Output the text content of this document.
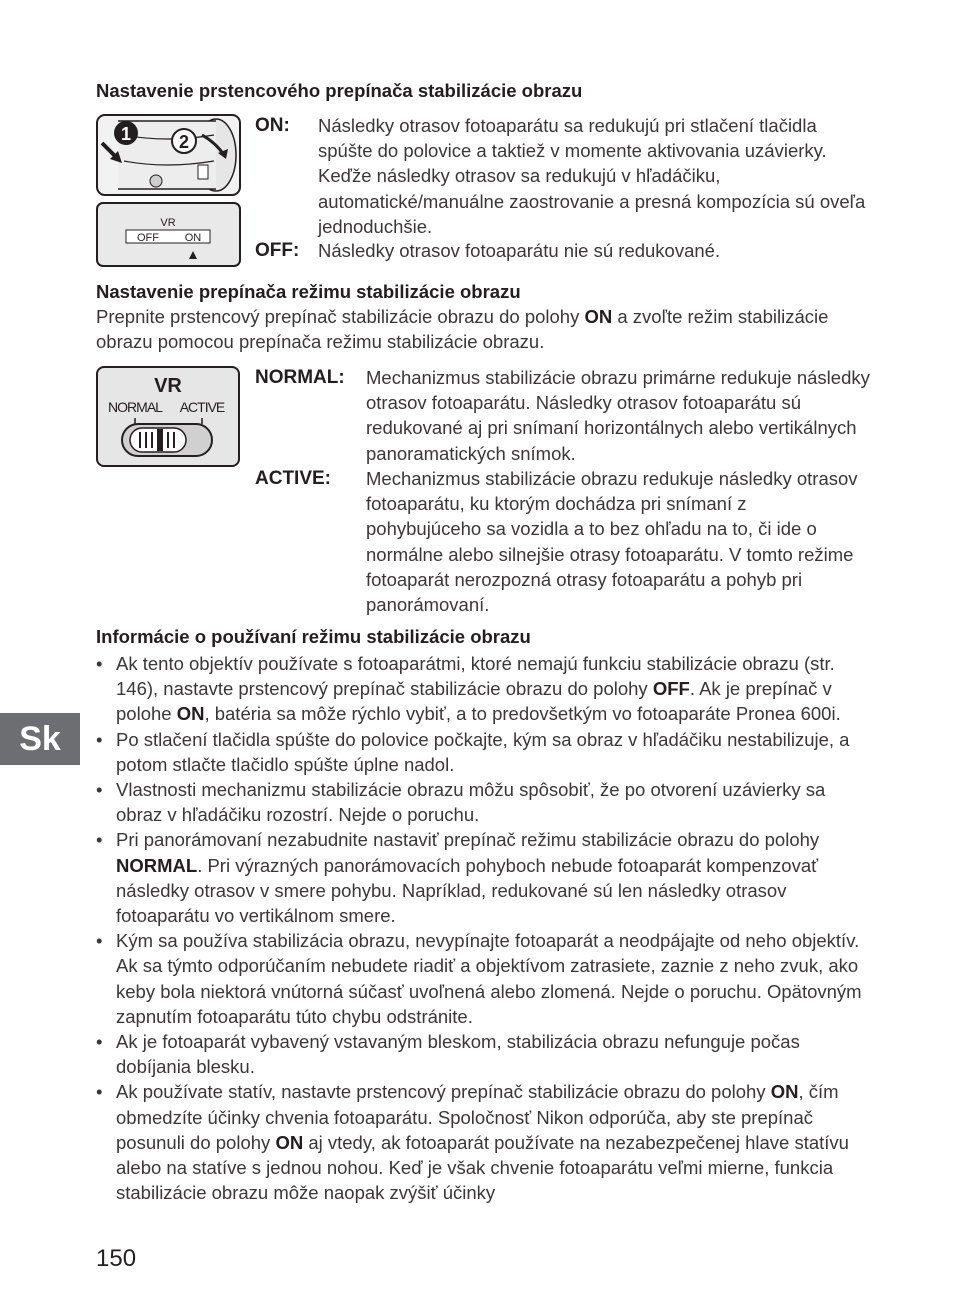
Nastavenie prstencového prepínača stabilizácie obrazu
1	2
VR
OFF ON
ON: Následky otrasov fotoaparátu sa redukujú pri stlačení tlačidla spúšte do polovice a taktiež v momente aktivovania uzávierky. Keďže následky otrasov sa redukujú v hľadáčiku, automatické/manuálne zaostrovanie a presná kompozícia sú oveľa jednoduchšie.
OFF: Následky otrasov fotoaparátu nie sú redukované.
Nastavenie prepínača režimu stabilizácie obrazu
Prepnite prstencový prepínač stabilizácie obrazu do polohy ON a zvoľte režim stabilizácie obrazu pomocou prepínača režimu stabilizácie obrazu.
VR
NORMAL ACTIVE
NORMAL: Mechanizmus stabilizácie obrazu primárne redukuje následky otrasov fotoaparátu. Následky otrasov fotoaparátu sú redukované aj pri snímaní horizontálnych alebo vertikálnych panoramatických snímok.
ACTIVE: Mechanizmus stabilizácie obrazu redukuje následky otrasov fotoaparátu, ku ktorým dochádza pri snímaní z pohybujúceho sa vozidla a to bez ohľadu na to, či ide o normálne alebo silnejšie otrasy fotoaparátu. V tomto režime fotoaparát nerozpozná otrasy fotoaparátu a pohyb pri panorámovaní.
Informácie o používaní režimu stabilizácie obrazu
• Ak tento objektív používate s fotoaparátmi, ktoré nemajú funkciu stabilizácie obrazu (str. 146), nastavte prstencový prepínač stabilizácie obrazu do polohy OFF. Ak je prepínač v polohe ON, batéria sa môže rýchlo vybiť, a to predovšetkým vo fotoaparáte Pronea 600i.
• Po stlačení tlačidla spúšte do polovice počkajte, kým sa obraz v hľadáčiku nestabilizuje, a potom stlačte tlačidlo spúšte úplne nadol.
• Vlastnosti mechanizmu stabilizácie obrazu môžu spôsobiť, že po otvorení uzávierky sa obraz v hľadáčiku rozostrí. Nejde o poruchu.
• Pri panorámovaní nezabudnite nastaviť prepínač režimu stabilizácie obrazu do polohy NORMAL. Pri výrazných panorámovacích pohyboch nebude fotoaparát kompenzovať následky otrasov v smere pohybu. Napríklad, redukované sú len následky otrasov fotoaparátu vo vertikálnom smere.
• Kým sa používa stabilizácia obrazu, nevypínajte fotoaparát a neodpájajte od neho objektív. Ak sa týmto odporúčaním nebudete riadiť a objektívom zatrasiete, zaznie z neho zvuk, ako keby bola niektorá vnútorná súčasť uvoľnená alebo zlomená. Nejde o poruchu. Opätovným zapnutím fotoaparátu túto chybu odstránite.
• Ak je fotoaparát vybavený vstavaným bleskom, stabilizácia obrazu nefunguje počas dobíjania blesku.
• Ak používate statív, nastavte prstencový prepínač stabilizácie obrazu do polohy ON, čím obmedzíte účinky chvenia fotoaparátu. Spoločnosť Nikon odporúča, aby ste prepínač posunuli do polohy ON aj vtedy, ak fotoaparát používate na nezabezpečenej hlave statívu alebo na statíve s jednou nohou. Keď je však chvenie fotoaparátu veľmi mierne, funkcia stabilizácie obrazu môže naopak zvýšiť účinky
Sk
150
